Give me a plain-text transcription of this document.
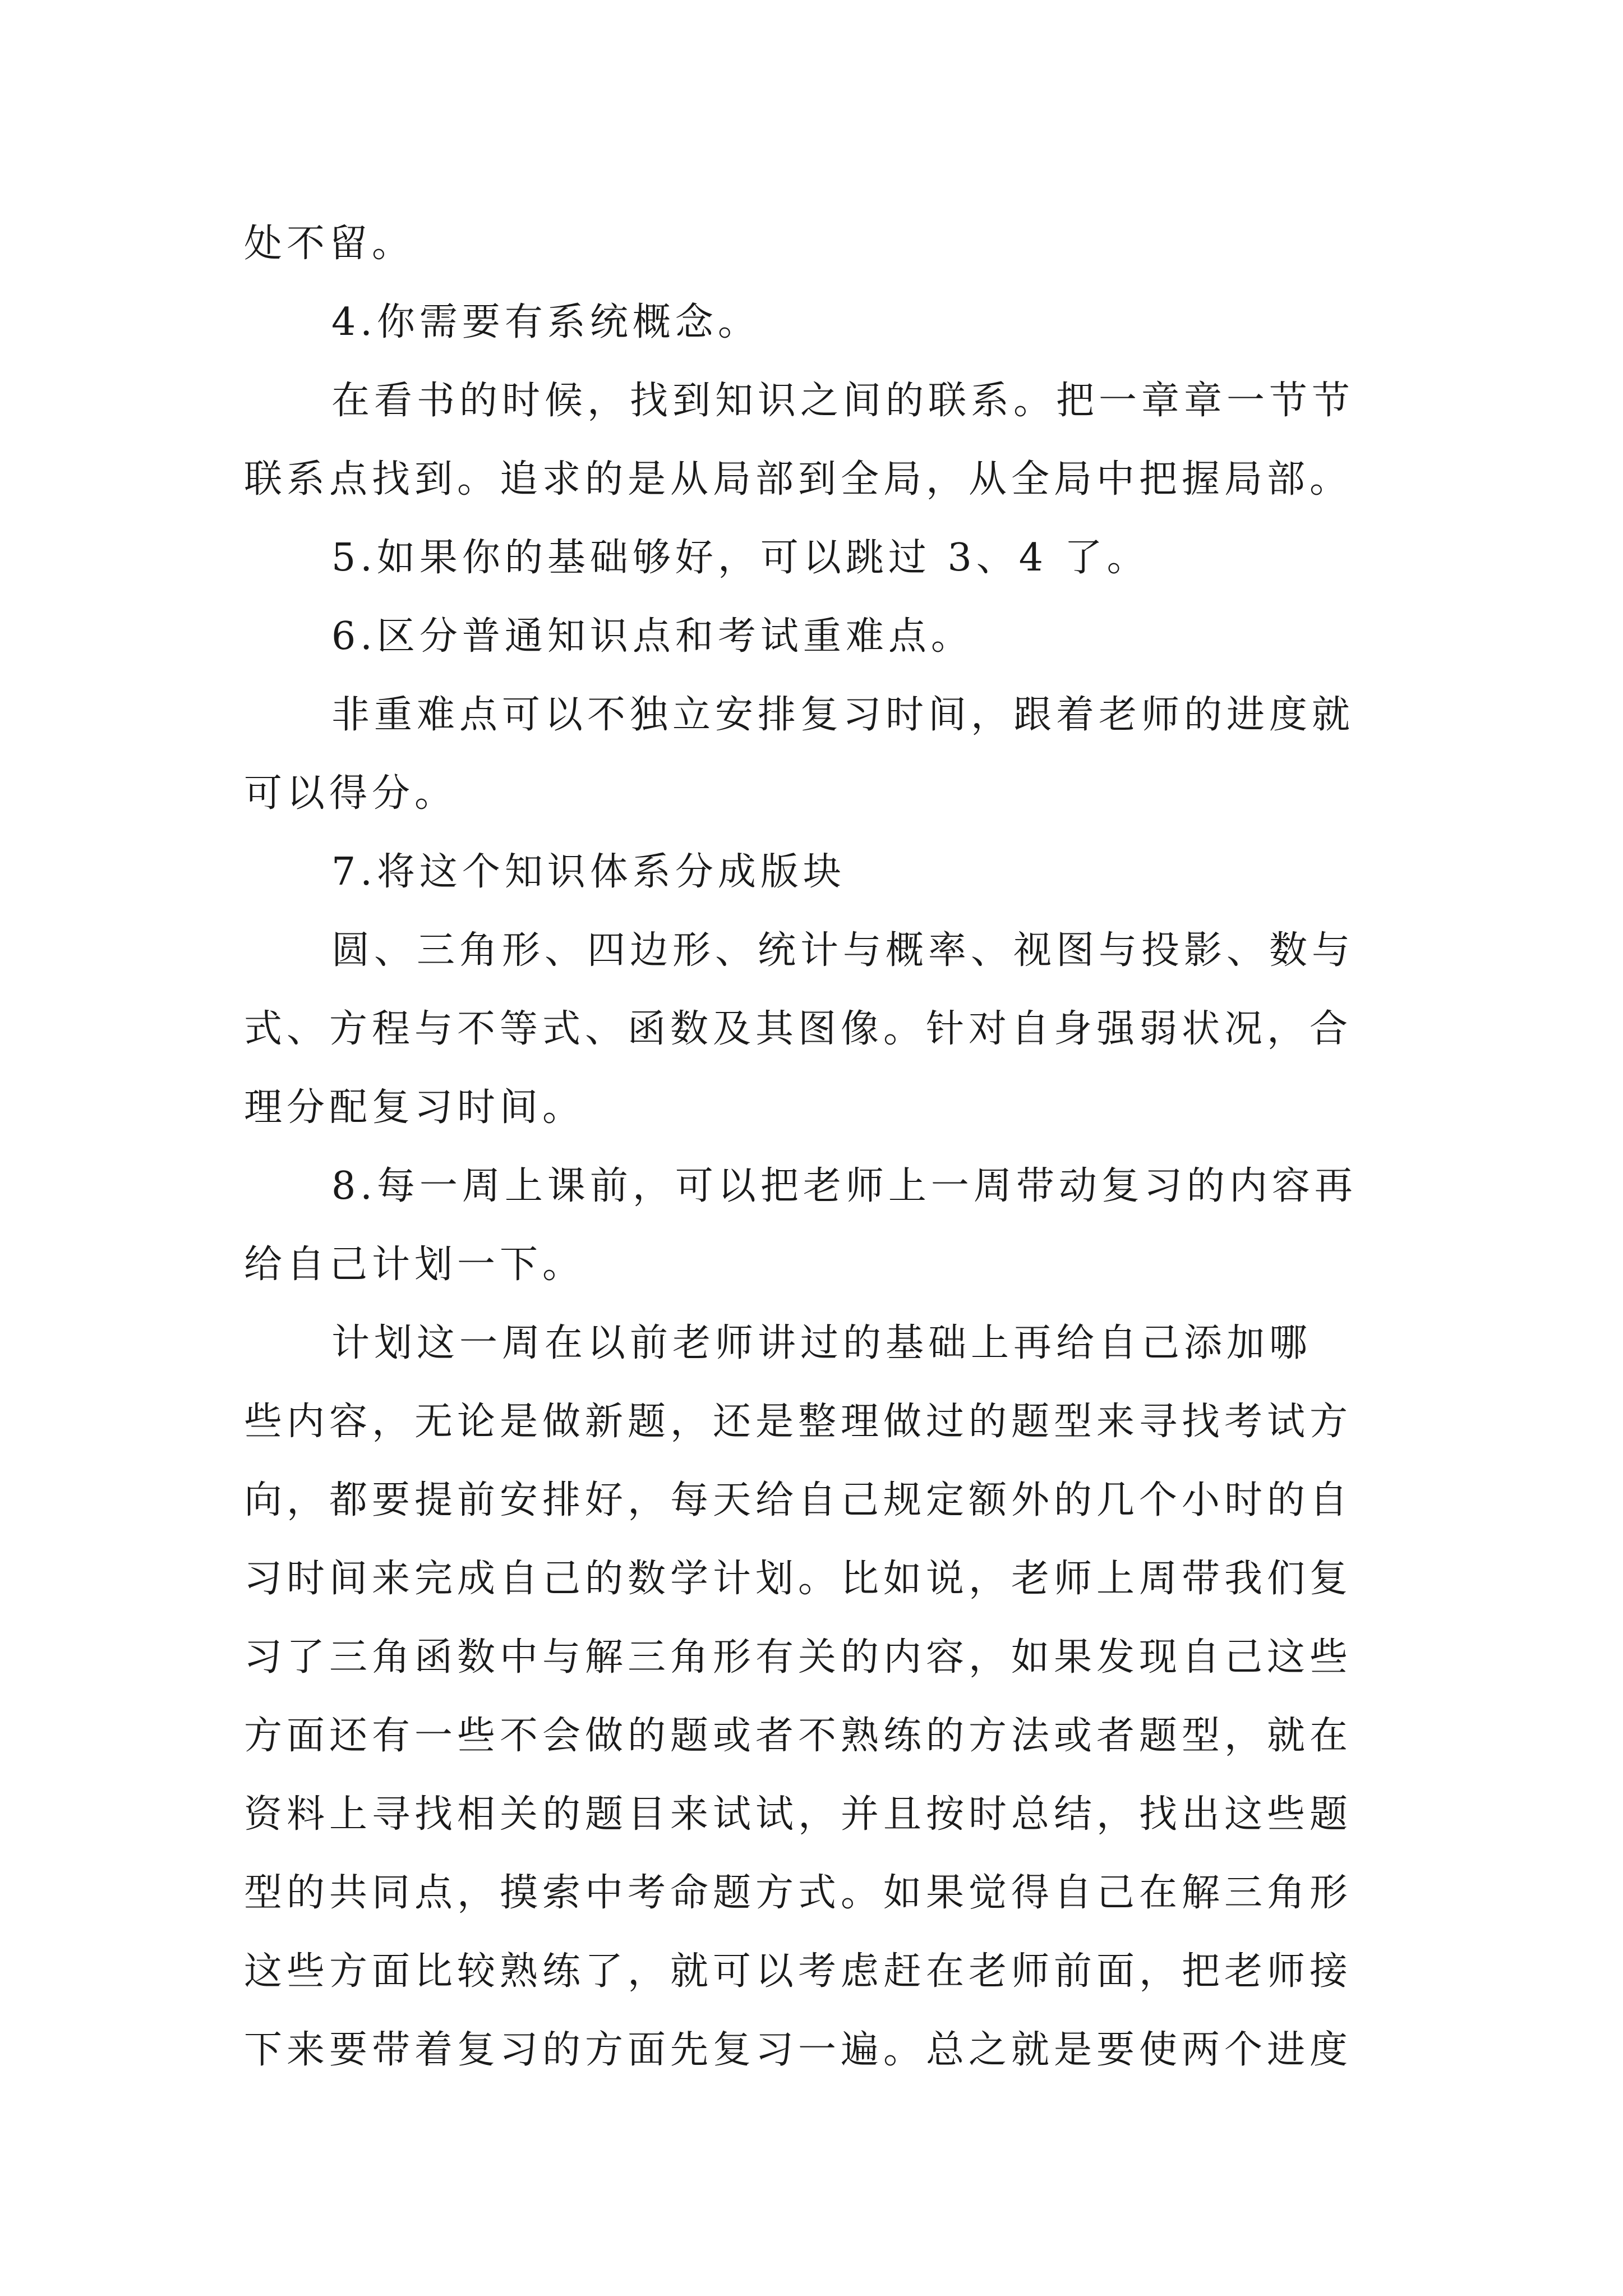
处不留。
4.你需要有系统概念。
在看书的时候，找到知识之间的联系。把一章章一节节
联系点找到。追求的是从局部到全局，从全局中把握局部。
5.如果你的基础够好，可以跳过 3、4 了。
6.区分普通知识点和考试重难点。
非重难点可以不独立安排复习时间，跟着老师的进度就
可以得分。
7.将这个知识体系分成版块
圆、三角形、四边形、统计与概率、视图与投影、数与
式、方程与不等式、函数及其图像。针对自身强弱状况，合
理分配复习时间。
8.每一周上课前，可以把老师上一周带动复习的内容再
给自己计划一下。
计划这一周在以前老师讲过的基础上再给自己添加哪
些内容，无论是做新题，还是整理做过的题型来寻找考试方
向，都要提前安排好，每天给自己规定额外的几个小时的自
习时间来完成自己的数学计划。比如说，老师上周带我们复
习了三角函数中与解三角形有关的内容，如果发现自己这些
方面还有一些不会做的题或者不熟练的方法或者题型，就在
资料上寻找相关的题目来试试，并且按时总结，找出这些题
型的共同点，摸索中考命题方式。如果觉得自己在解三角形
这些方面比较熟练了，就可以考虑赶在老师前面，把老师接
下来要带着复习的方面先复习一遍。总之就是要使两个进度
